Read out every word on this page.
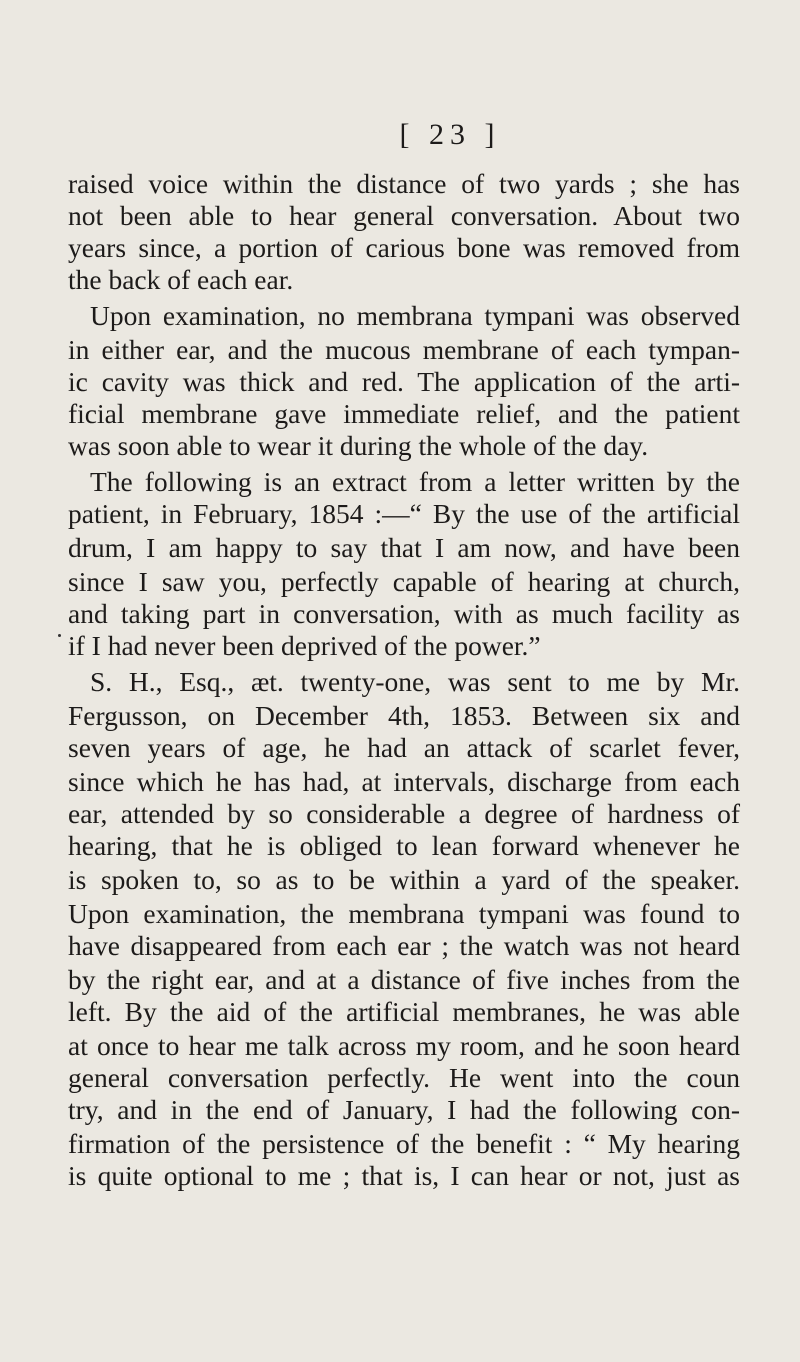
[ 23 ]
raised voice within the distance of two yards ; she has
not been able to hear general conversation. About two
years since, a portion of carious bone was removed from
the back of each ear.
Upon examination, no membrana tympani was observed
in either ear, and the mucous membrane of each tympan-
ic cavity was thick and red. The application of the arti-
ficial membrane gave immediate relief, and the patient
was soon able to wear it during the whole of the day.
The following is an extract from a letter written by the
patient, in February, 1854 :—“ By the use of the artificial
drum, I am happy to say that I am now, and have been
since I saw you, perfectly capable of hearing at church,
and taking part in conversation, with as much facility as
if I had never been deprived of the power.”
S. H., Esq., æt. twenty-one, was sent to me by Mr.
Fergusson, on December 4th, 1853. Between six and
seven years of age, he had an attack of scarlet fever,
since which he has had, at intervals, discharge from each
ear, attended by so considerable a degree of hardness of
hearing, that he is obliged to lean forward whenever he
is spoken to, so as to be within a yard of the speaker.
Upon examination, the membrana tympani was found to
have disappeared from each ear ; the watch was not heard
by the right ear, and at a distance of five inches from the
left. By the aid of the artificial membranes, he was able
at once to hear me talk across my room, and he soon heard
general conversation perfectly. He went into the coun
try, and in the end of January, I had the following con-
firmation of the persistence of the benefit : “ My hearing
is quite optional to me ; that is, I can hear or not, just as
